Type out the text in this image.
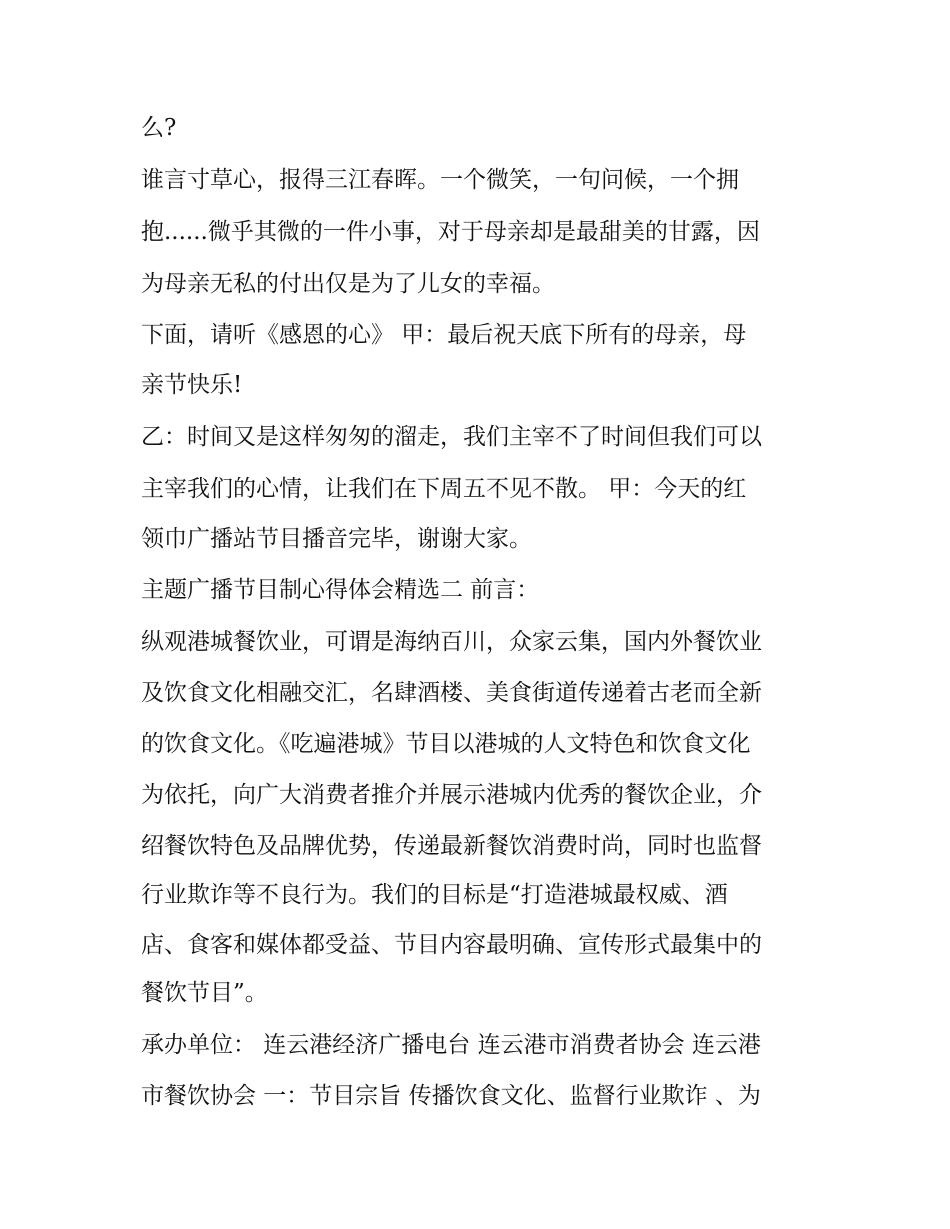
么?
谁言寸草心，报得三江春晖。一个微笑，一句问候，一个拥
抱......微乎其微的一件小事，对于母亲却是最甜美的甘露，因
为母亲无私的付出仅是为了儿女的幸福。
下面，请听《感恩的心》 甲：最后祝天底下所有的母亲，母
亲节快乐!
乙：时间又是这样匆匆的溜走，我们主宰不了时间但我们可以
主宰我们的心情，让我们在下周五不见不散。 甲：今天的红
领巾广播站节目播音完毕，谢谢大家。
主题广播节目制心得体会精选二 前言：
纵观港城餐饮业，可谓是海纳百川，众家云集，国内外餐饮业
及饮食文化相融交汇，名肆酒楼、美食街道传递着古老而全新
的饮食文化。《吃遍港城》节目以港城的人文特色和饮食文化
为依托，向广大消费者推介并展示港城内优秀的餐饮企业，介
绍餐饮特色及品牌优势，传递最新餐饮消费时尚，同时也监督
行业欺诈等不良行为。我们的目标是“打造港城最权威、酒
店、食客和媒体都受益、节目内容最明确、宣传形式最集中的
餐饮节目”。
承办单位： 连云港经济广播电台 连云港市消费者协会 连云港
市餐饮协会 一：节目宗旨 传播饮食文化、监督行业欺诈 、为
